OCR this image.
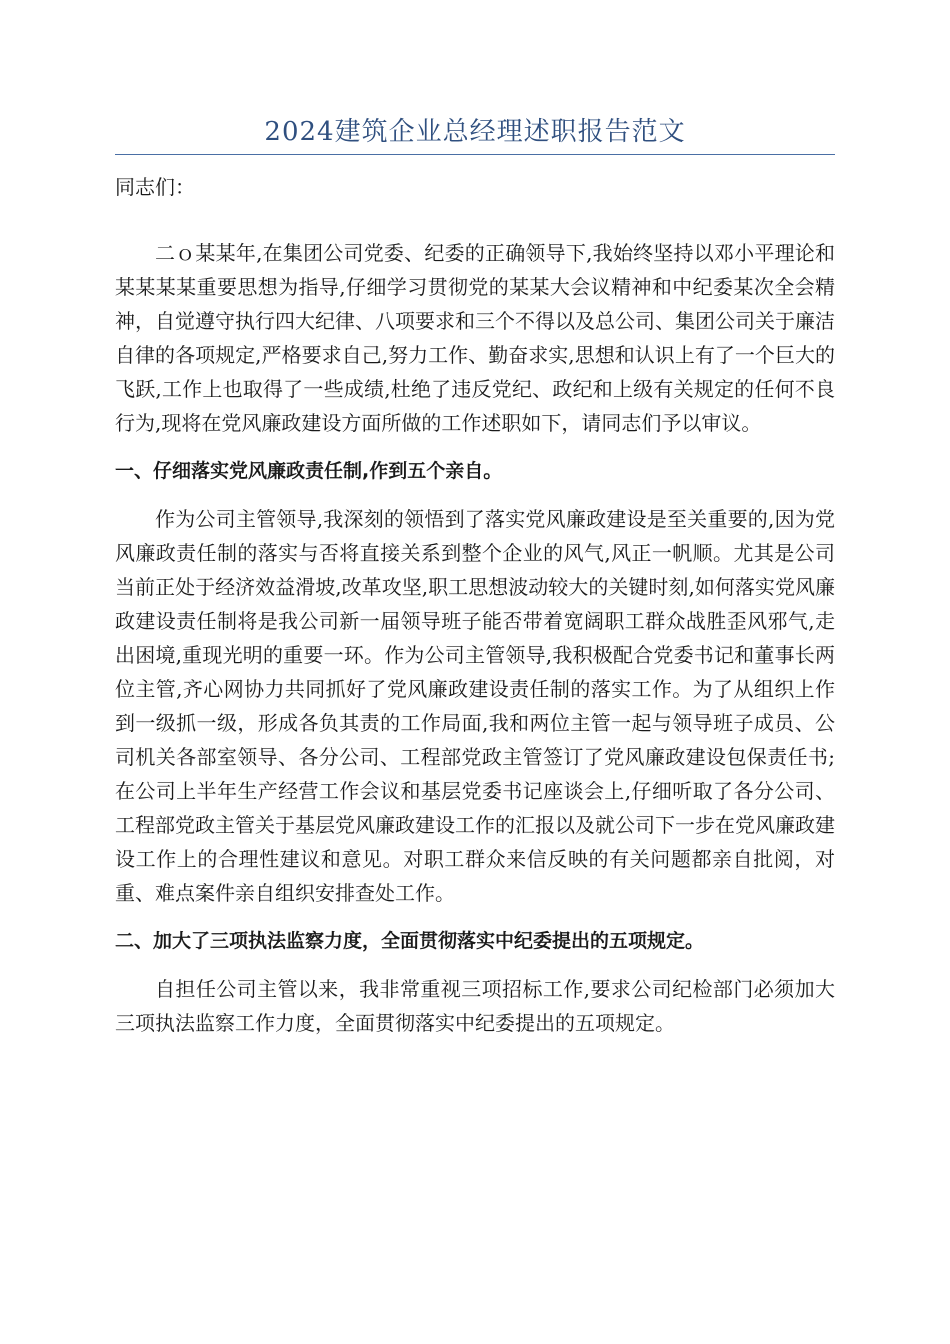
2024建筑企业总经理述职报告范文

同志们：

二ｏ某某年,在集团公司党委、纪委的正确领导下,我始终坚持以邓小平理论和某某某某重要思想为指导,仔细学习贯彻党的某某大会议精神和中纪委某次全会精神，自觉遵守执行四大纪律、八项要求和三个不得以及总公司、集团公司关于廉洁自律的各项规定,严格要求自己,努力工作、勤奋求实,思想和认识上有了一个巨大的飞跃,工作上也取得了一些成绩,杜绝了违反党纪、政纪和上级有关规定的任何不良行为,现将在党风廉政建设方面所做的工作述职如下，请同志们予以审议。

一、仔细落实党风廉政责任制,作到五个亲自。

作为公司主管领导,我深刻的领悟到了落实党风廉政建设是至关重要的,因为党风廉政责任制的落实与否将直接关系到整个企业的风气,风正一帆顺。尤其是公司当前正处于经济效益滑坡,改革攻坚,职工思想波动较大的关键时刻,如何落实党风廉政建设责任制将是我公司新一届领导班子能否带着宽阔职工群众战胜歪风邪气,走出困境,重现光明的重要一环。作为公司主管领导,我积极配合党委书记和董事长两位主管,齐心网协力共同抓好了党风廉政建设责任制的落实工作。为了从组织上作到一级抓一级，形成各负其责的工作局面,我和两位主管一起与领导班子成员、公司机关各部室领导、各分公司、工程部党政主管签订了党风廉政建设包保责任书;在公司上半年生产经营工作会议和基层党委书记座谈会上,仔细听取了各分公司、工程部党政主管关于基层党风廉政建设工作的汇报以及就公司下一步在党风廉政建设工作上的合理性建议和意见。对职工群众来信反映的有关问题都亲自批阅，对重、难点案件亲自组织安排查处工作。

二、加大了三项执法监察力度，全面贯彻落实中纪委提出的五项规定。

自担任公司主管以来，我非常重视三项招标工作,要求公司纪检部门必须加大三项执法监察工作力度，全面贯彻落实中纪委提出的五项规定。
